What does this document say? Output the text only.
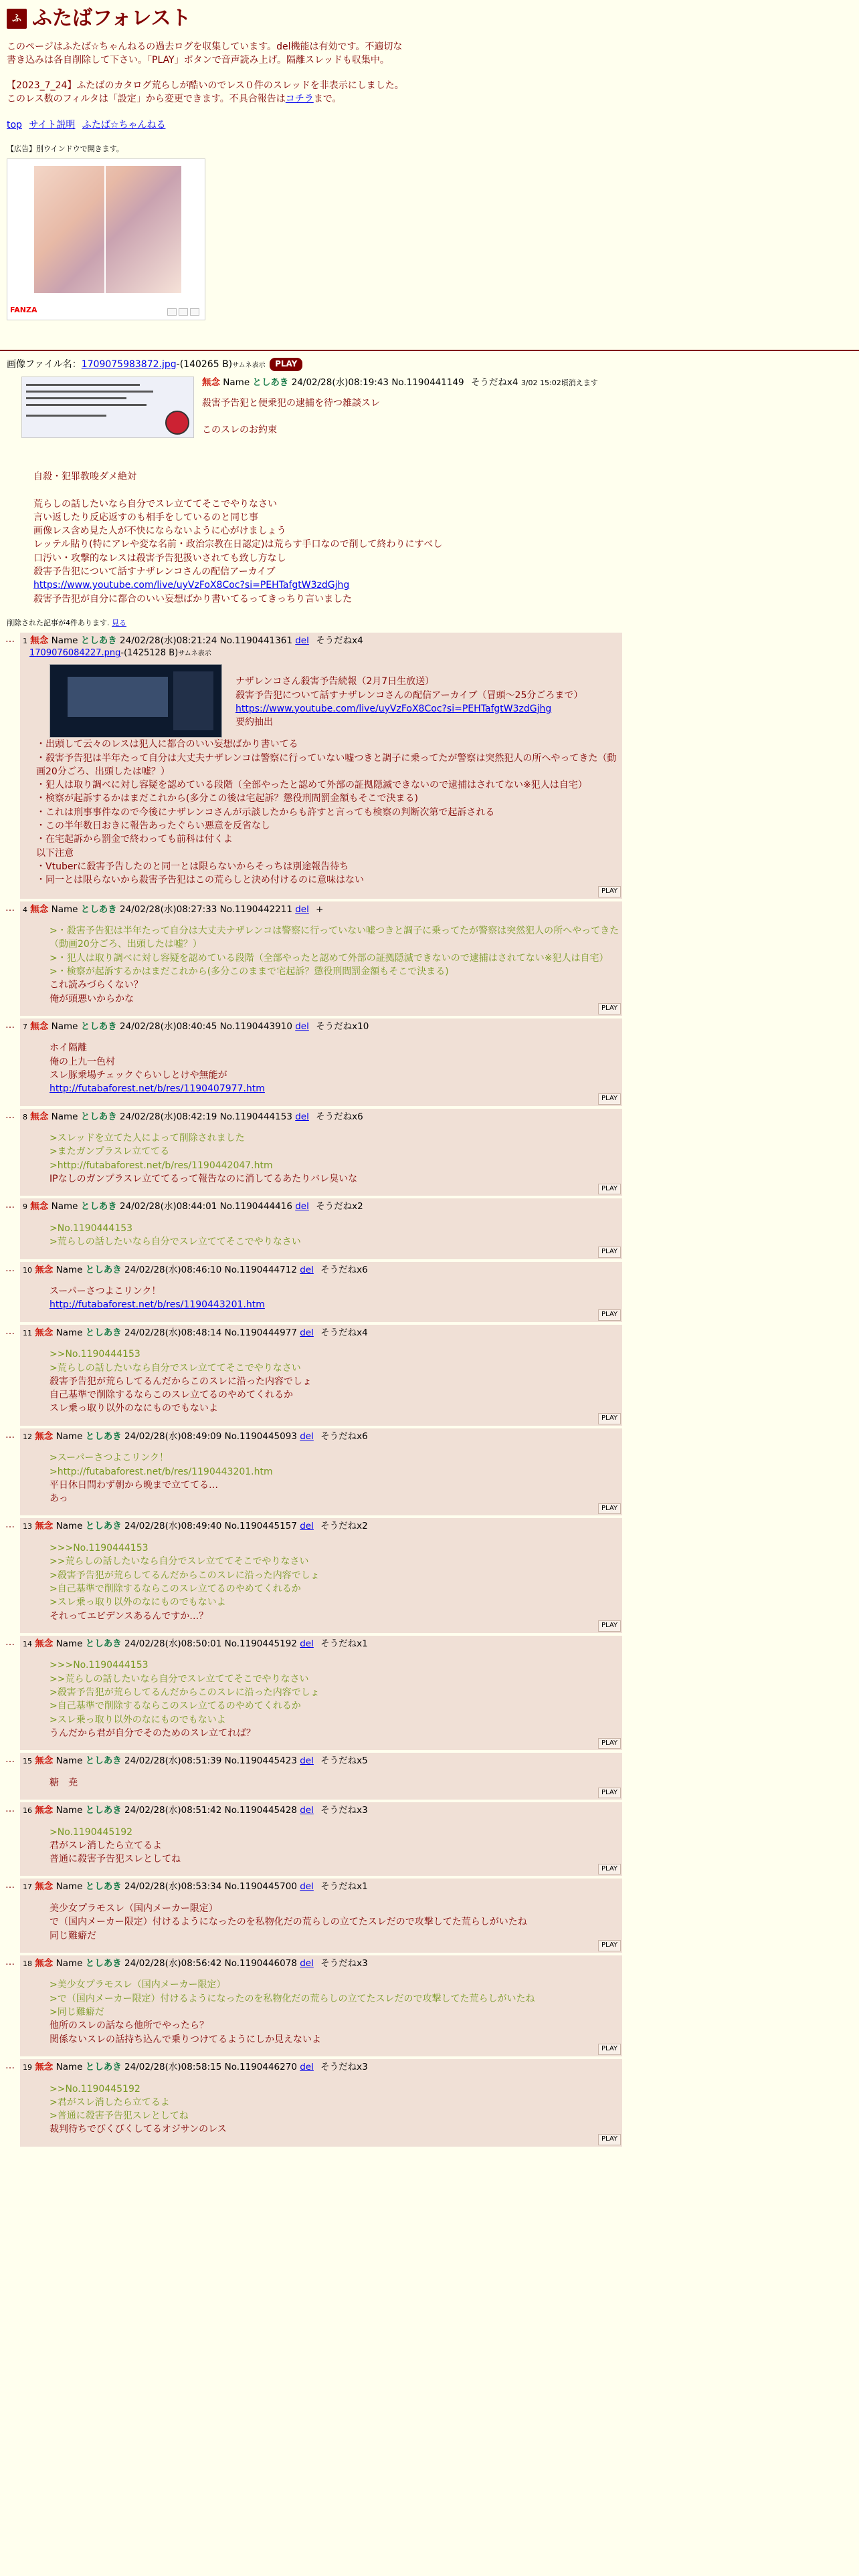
ふ ふたばフォレスト

このページはふたば☆ちゃんねるの過去ログを収集しています。del機能は有効です。不適切な書き込みは各自削除して下さい。「PLAY」ボタンで音声読み上げ。隔離スレッドも収集中。

【2023_7_24】ふたばのカタログ荒らしが酷いのでレス０件のスレッドを非表示にしました。このレス数のフィルタは「設定」から変更できます。不具合報告はコチラまで。

top サイト説明 ふたば☆ちゃんねる
【広告】別ウインドウで開きます。
FANZA
画像ファイル名：1709075983872.jpg-(140265 B)サムネ表示 PLAY
無念 Name としあき 24/02/28(水)08:19:43 No.1190441149 そうだねx4 3/02 15:02頃消えます
殺害予告犯と便乗犯の逮捕を待つ雑談スレ
このスレのお約束
自殺・犯罪教唆ダメ絶対
荒らしの話したいなら自分でスレ立ててそこでやりなさい
言い返したり反応返すのも相手をしているのと同じ事
画像レス含め見た人が不快にならないように心がけましょう
レッテル貼り(特にアレや変な名前・政治宗教在日認定)は荒らす手口なので削して終わりにすべし
口汚い・攻撃的なレスは殺害予告犯扱いされても致し方なし
殺害予告犯について話すナザレンコさんの配信アーカイブ
https://www.youtube.com/live/uyVzFoX8Coc?si=PEHTafgtW3zdGjhg
殺害予告犯が自分に都合のいい妄想ばかり書いてるってきっちり言いました
削除された記事が4件あります. 見る
…	1 無念 Name としあき 24/02/28(水)08:21:24 No.1190441361 del そうだねx4
1709076084227.png-(1425128 B)サムネ表示
ナザレンコさん殺害予告続報（2月7日生放送）
殺害予告犯について話すナザレンコさんの配信アーカイブ（冒頭〜25分ごろまで）
https://www.youtube.com/live/uyVzFoX8Coc?si=PEHTafgtW3zdGjhg
要約抽出
・出頭して云々のレスは犯人に都合のいい妄想ばかり書いてる
・殺害予告犯は半年たって自分は大丈夫ナザレンコは警察に行っていない嘘つきと調子に乗ってたが警察は突然犯人の所へやってきた（動画20分ごろ、出頭したは嘘？）
・犯人は取り調べに対し容疑を認めている段階（全部やったと認めて外部の証拠隠滅できないので逮捕はされてない※犯人は自宅）
・検察が起訴するかはまだこれから(多分この後は宅起訴？懲役刑間罰金額もそこで決まる)
・これは刑事事件なので今後にナザレンコさんが示談したからも許すと言っても検察の判断次第で起訴される
・この半年数日おきに報告あったぐらい悪意を反省なし
・在宅起訴から罰金で終わっても前科は付くよ
以下注意
・Vtuberに殺害予告したのと同一とは限らないからそっちは別途報告待ち
・同一とは限らないから殺害予告犯はこの荒らしと決め付けるのに意味はない
PLAY
…	4 無念 Name としあき 24/02/28(水)08:27:33 No.1190442211 del +
>・殺害予告犯は半年たって自分は大丈夫ナザレンコは警察に行っていない嘘つきと調子に乗ってたが警察は突然犯人の所へやってきた（動画20分ごろ、出頭したは嘘？）
>・犯人は取り調べに対し容疑を認めている段階（全部やったと認めて外部の証拠隠滅できないので逮捕はされてない※犯人は自宅）
>・検察が起訴するかはまだこれから(多分このままで宅起訴？懲役刑間罰金額もそこで決まる)
これ読みづらくない？
俺が頭悪いからかな
PLAY
…	7 無念 Name としあき 24/02/28(水)08:40:45 No.1190443910 del そうだねx10
ホイ隔離
俺の上九一色村
スレ豚乗場チェックぐらいしとけや無能が
http://futabaforest.net/b/res/1190407977.htm
PLAY
…	8 無念 Name としあき 24/02/28(水)08:42:19 No.1190444153 del そうだねx6
>スレッドを立てた人によって削除されました
>またガンプラスレ立ててる
>http://futabaforest.net/b/res/1190442047.htm
IPなしのガンプラスレ立ててるって報告なのに消してるあたりバレ臭いな
PLAY
…	9 無念 Name としあき 24/02/28(水)08:44:01 No.1190444416 del そうだねx2
>No.1190444153
>荒らしの話したいなら自分でスレ立ててそこでやりなさい
PLAY
…	10 無念 Name としあき 24/02/28(水)08:46:10 No.1190444712 del そうだねx6
スーパーさつよこリンク！
http://futabaforest.net/b/res/1190443201.htm
PLAY
…	11 無念 Name としあき 24/02/28(水)08:48:14 No.1190444977 del そうだねx4
>>No.1190444153
>荒らしの話したいなら自分でスレ立ててそこでやりなさい
殺害予告犯が荒らしてるんだからこのスレに沿った内容でしょ
自己基準で削除するならこのスレ立てるのやめてくれるか
スレ乗っ取り以外のなにものでもないよ
PLAY
…	12 無念 Name としあき 24/02/28(水)08:49:09 No.1190445093 del そうだねx6
>スーパーさつよこリンク！
>http://futabaforest.net/b/res/1190443201.htm
平日休日問わず朝から晩まで立ててる…
あっ
PLAY
…	13 無念 Name としあき 24/02/28(水)08:49:40 No.1190445157 del そうだねx2
>>>No.1190444153
>>荒らしの話したいなら自分でスレ立ててそこでやりなさい
>殺害予告犯が荒らしてるんだからこのスレに沿った内容でしょ
>自己基準で削除するならこのスレ立てるのやめてくれるか
>スレ乗っ取り以外のなにものでもないよ
それってエビデンスあるんですか…？
PLAY
…	14 無念 Name としあき 24/02/28(水)08:50:01 No.1190445192 del そうだねx1
>>>No.1190444153
>>荒らしの話したいなら自分でスレ立ててそこでやりなさい
>殺害予告犯が荒らしてるんだからこのスレに沿った内容でしょ
>自己基準で削除するならこのスレ立てるのやめてくれるか
>スレ乗っ取り以外のなにものでもないよ
うんだから君が自分でそのためのスレ立てれば？
PLAY
…	15 無念 Name としあき 24/02/28(水)08:51:39 No.1190445423 del そうだねx5
糖　尭
PLAY
…	16 無念 Name としあき 24/02/28(水)08:51:42 No.1190445428 del そうだねx3
>No.1190445192
君がスレ消したら立てるよ
普通に殺害予告犯スレとしてね
PLAY
…	17 無念 Name としあき 24/02/28(水)08:53:34 No.1190445700 del そうだねx1
美少女プラモスレ（国内メーカー限定）
で（国内メーカー限定）付けるようになったのを私物化だの荒らしの立てたスレだので攻撃してた荒らしがいたね
同じ難癖だ
PLAY
…	18 無念 Name としあき 24/02/28(水)08:56:42 No.1190446078 del そうだねx3
>美少女プラモスレ（国内メーカー限定）
>で（国内メーカー限定）付けるようになったのを私物化だの荒らしの立てたスレだので攻撃してた荒らしがいたね
>同じ難癖だ
他所のスレの話なら他所でやったら？
関係ないスレの話持ち込んで乗りつけてるようにしか見えないよ
PLAY
…	19 無念 Name としあき 24/02/28(水)08:58:15 No.1190446270 del そうだねx3
>>No.1190445192
>君がスレ消したら立てるよ
>普通に殺害予告犯スレとしてね
裁判待ちでびくびくしてるオジサンのレス
PLAY
